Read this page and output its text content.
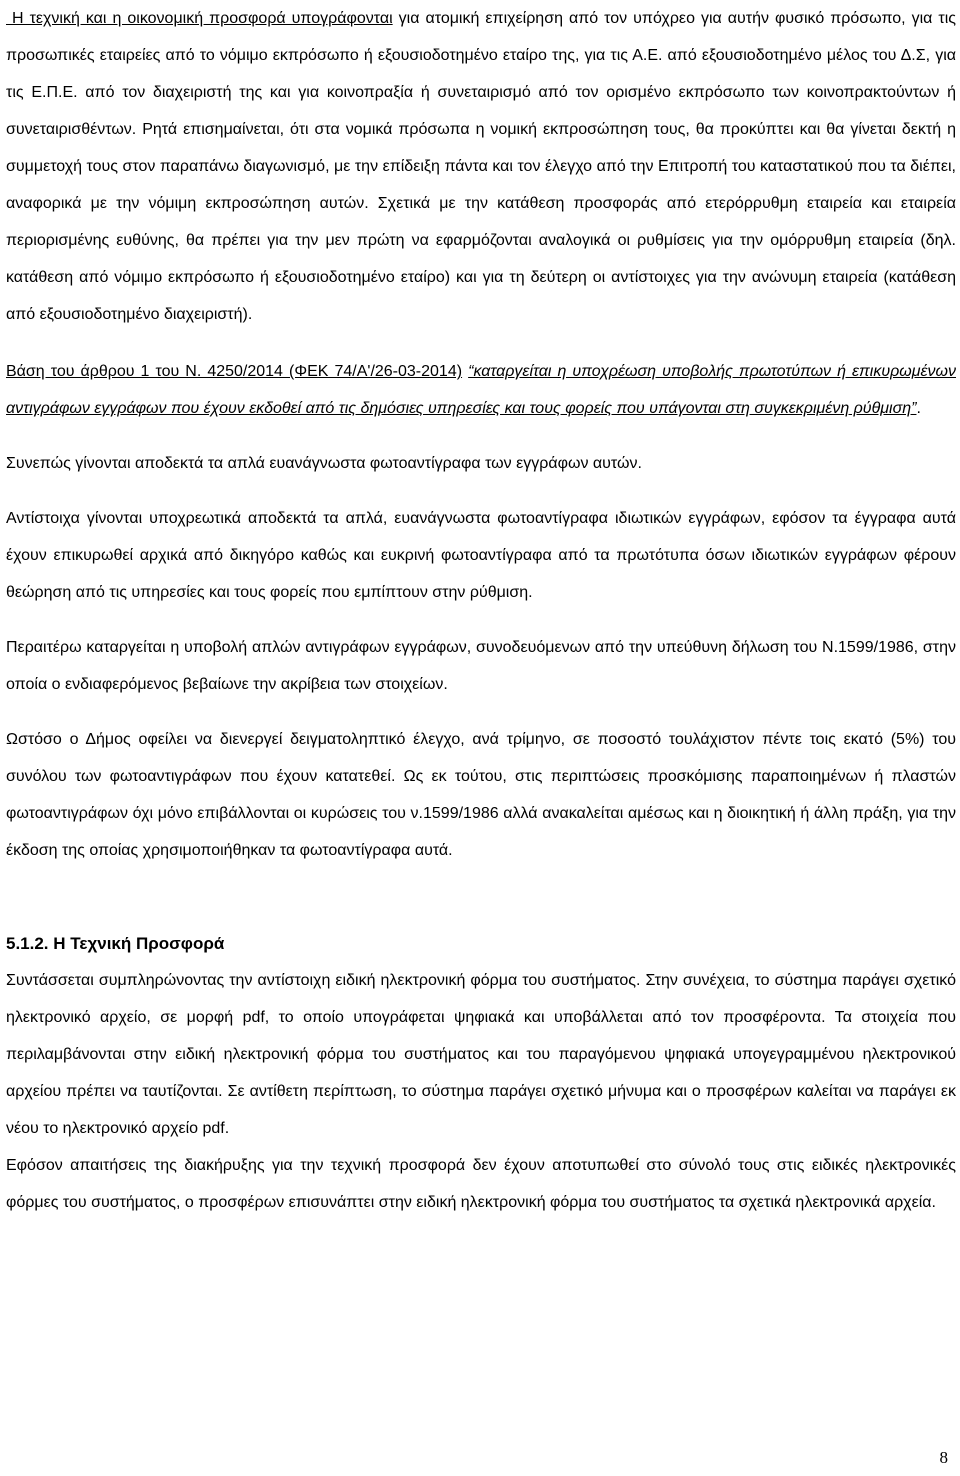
Η τεχνική και η οικονομική προσφορά υπογράφονται για ατομική επιχείρηση από τον υπόχρεο για αυτήν φυσικό πρόσωπο, για τις προσωπικές εταιρείες από το νόμιμο εκπρόσωπο ή εξουσιοδοτημένο εταίρο της, για τις Α.Ε. από εξουσιοδοτημένο μέλος του Δ.Σ, για τις Ε.Π.Ε. από τον διαχειριστή της και για κοινοπραξία ή συνεταιρισμό από τον ορισμένο εκπρόσωπο των κοινοπρακτούντων ή συνεταιρισθέντων. Ρητά επισημαίνεται, ότι στα νομικά πρόσωπα η νομική εκπροσώπηση τους, θα προκύπτει και θα γίνεται δεκτή η συμμετοχή τους στον παραπάνω διαγωνισμό, με την επίδειξη πάντα και τον έλεγχο από την Επιτροπή του καταστατικού που τα διέπει, αναφορικά με την νόμιμη εκπροσώπηση αυτών. Σχετικά με την κατάθεση προσφοράς από ετερόρρυθμη εταιρεία και εταιρεία περιορισμένης ευθύνης, θα πρέπει για την μεν πρώτη να εφαρμόζονται αναλογικά οι ρυθμίσεις για την ομόρρυθμη εταιρεία (δηλ. κατάθεση από νόμιμο εκπρόσωπο ή εξουσιοδοτημένο εταίρο) και για τη δεύτερη οι αντίστοιχες για την ανώνυμη εταιρεία (κατάθεση από εξουσιοδοτημένο διαχειριστή).

Βάση του άρθρου 1 του Ν. 4250/2014 (ΦΕΚ 74/Α'/26-03-2014) “καταργείται η υποχρέωση υποβολής πρωτοτύπων ή επικυρωμένων αντιγράφων εγγράφων που έχουν εκδοθεί από τις δημόσιες υπηρεσίες και τους φορείς που υπάγονται στη συγκεκριμένη ρύθμιση”.

Συνεπώς γίνονται αποδεκτά τα απλά ευανάγνωστα φωτοαντίγραφα των εγγράφων αυτών.

Αντίστοιχα γίνονται υποχρεωτικά αποδεκτά τα απλά, ευανάγνωστα φωτοαντίγραφα ιδιωτικών εγγράφων, εφόσον τα έγγραφα αυτά έχουν επικυρωθεί αρχικά από δικηγόρο καθώς και ευκρινή φωτοαντίγραφα από τα πρωτότυπα όσων ιδιωτικών εγγράφων φέρουν θεώρηση από τις υπηρεσίες και τους φορείς που εμπίπτουν στην ρύθμιση.

Περαιτέρω καταργείται η υποβολή απλών αντιγράφων εγγράφων, συνοδευόμενων από την υπεύθυνη δήλωση του Ν.1599/1986, στην οποία ο ενδιαφερόμενος βεβαίωνε την ακρίβεια των στοιχείων.

Ωστόσο ο Δήμος οφείλει να διενεργεί δειγματοληπτικό έλεγχο, ανά τρίμηνο, σε ποσοστό τουλάχιστον πέντε τοις εκατό (5%) του συνόλου των φωτοαντιγράφων που έχουν κατατεθεί. Ως εκ τούτου, στις περιπτώσεις προσκόμισης παραποιημένων ή πλαστών φωτοαντιγράφων όχι μόνο επιβάλλονται οι κυρώσεις του ν.1599/1986 αλλά ανακαλείται αμέσως και η διοικητική ή άλλη πράξη, για την έκδοση της οποίας χρησιμοποιήθηκαν τα φωτοαντίγραφα αυτά.

5.1.2. Η Τεχνική Προσφορά

Συντάσσεται συμπληρώνοντας την αντίστοιχη ειδική ηλεκτρονική φόρμα του συστήματος. Στην συνέχεια, το σύστημα παράγει σχετικό ηλεκτρονικό αρχείο, σε μορφή pdf, το οποίο υπογράφεται ψηφιακά και υποβάλλεται από τον προσφέροντα. Τα στοιχεία που περιλαμβάνονται στην ειδική ηλεκτρονική φόρμα του συστήματος και του παραγόμενου ψηφιακά υπογεγραμμένου ηλεκτρονικού αρχείου πρέπει να ταυτίζονται. Σε αντίθετη περίπτωση, το σύστημα παράγει σχετικό μήνυμα και ο προσφέρων καλείται να παράγει εκ νέου το ηλεκτρονικό αρχείο pdf.

Εφόσον απαιτήσεις της διακήρυξης για την τεχνική προσφορά δεν έχουν αποτυπωθεί στο σύνολό τους στις ειδικές ηλεκτρονικές φόρμες του συστήματος, ο προσφέρων επισυνάπτει στην ειδική ηλεκτρονική φόρμα του συστήματος τα σχετικά ηλεκτρονικά αρχεία.

8
